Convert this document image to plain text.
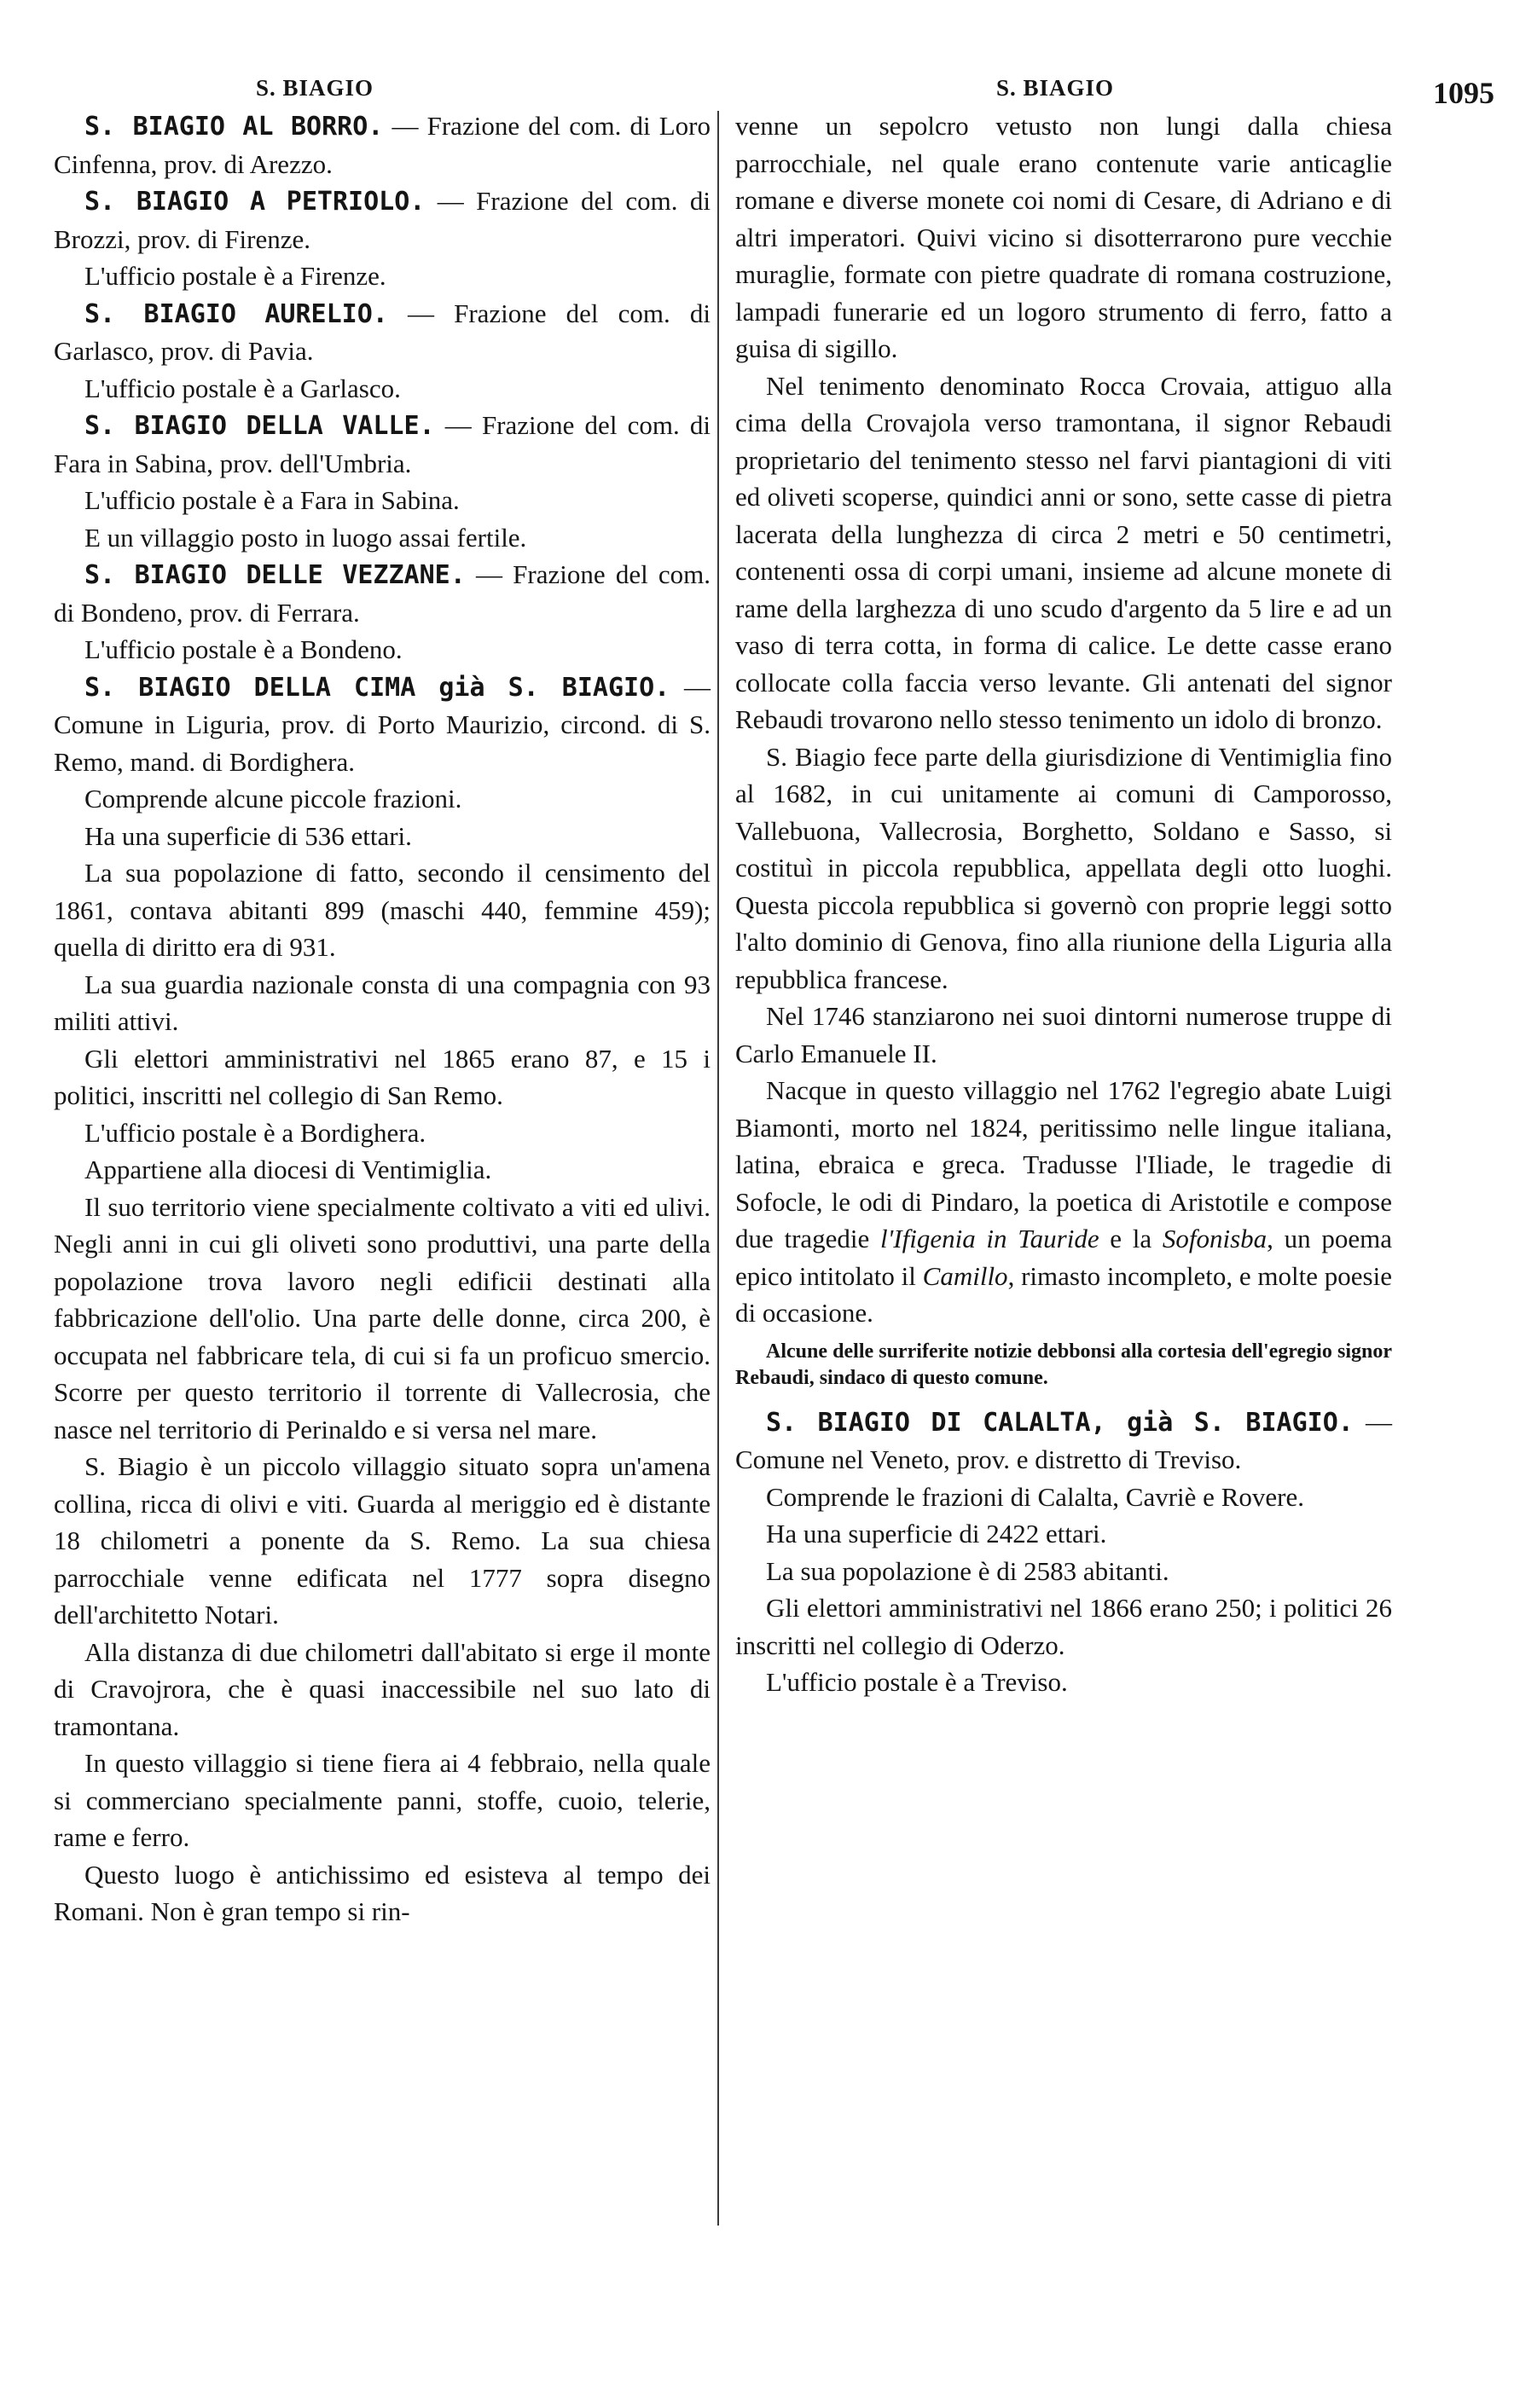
S. BIAGIO	S. BIAGIO	1095

S. BIAGIO AL BORRO. — Frazione del com. di Loro Cinfenna, prov. di Arezzo.

S. BIAGIO A PETRIOLO. — Frazione del com. di Brozzi, prov. di Firenze.

L'ufficio postale è a Firenze.

S. BIAGIO AURELIO. — Frazione del com. di Garlasco, prov. di Pavia.

L'ufficio postale è a Garlasco.

S. BIAGIO DELLA VALLE. — Frazione del com. di Fara in Sabina, prov. dell'Umbria.

L'ufficio postale è a Fara in Sabina.

E un villaggio posto in luogo assai fertile.

S. BIAGIO DELLE VEZZANE. — Frazione del com. di Bondeno, prov. di Ferrara.

L'ufficio postale è a Bondeno.

S. BIAGIO DELLA CIMA già S. BIAGIO. — Comune in Liguria, prov. di Porto Maurizio, circond. di S. Remo, mand. di Bordighera.

Comprende alcune piccole frazioni.

Ha una superficie di 536 ettari.

La sua popolazione di fatto, secondo il censimento del 1861, contava abitanti 899 (maschi 440, femmine 459); quella di diritto era di 931.

La sua guardia nazionale consta di una compagnia con 93 militi attivi.

Gli elettori amministrativi nel 1865 erano 87, e 15 i politici, inscritti nel collegio di San Remo.

L'ufficio postale è a Bordighera.

Appartiene alla diocesi di Ventimiglia.

Il suo territorio viene specialmente coltivato a viti ed ulivi. Negli anni in cui gli oliveti sono produttivi, una parte della popolazione trova lavoro negli edificii destinati alla fabbricazione dell'olio. Una parte delle donne, circa 200, è occupata nel fabbricare tela, di cui si fa un proficuo smercio. Scorre per questo territorio il torrente di Vallecrosia, che nasce nel territorio di Perinaldo e si versa nel mare.

S. Biagio è un piccolo villaggio situato sopra un'amena collina, ricca di olivi e viti. Guarda al meriggio ed è distante 18 chilometri a ponente da S. Remo. La sua chiesa parrocchiale venne edificata nel 1777 sopra disegno dell'architetto Notari.

Alla distanza di due chilometri dall'abitato si erge il monte di Cravojrora, che è quasi inaccessibile nel suo lato di tramontana.

In questo villaggio si tiene fiera ai 4 febbraio, nella quale si commerciano specialmente panni, stoffe, cuoio, telerie, rame e ferro.

Questo luogo è antichissimo ed esisteva al tempo dei Romani. Non è gran tempo si rin-

venne un sepolcro vetusto non lungi dalla chiesa parrocchiale, nel quale erano contenute varie anticaglie romane e diverse monete coi nomi di Cesare, di Adriano e di altri imperatori. Quivi vicino si disotterrarono pure vecchie muraglie, formate con pietre quadrate di romana costruzione, lampadi funerarie ed un logoro strumento di ferro, fatto a guisa di sigillo.

Nel tenimento denominato Rocca Crovaia, attiguo alla cima della Crovajola verso tramontana, il signor Rebaudi proprietario del tenimento stesso nel farvi piantagioni di viti ed oliveti scoperse, quindici anni or sono, sette casse di pietra lacerata della lunghezza di circa 2 metri e 50 centimetri, contenenti ossa di corpi umani, insieme ad alcune monete di rame della larghezza di uno scudo d'argento da 5 lire e ad un vaso di terra cotta, in forma di calice. Le dette casse erano collocate colla faccia verso levante. Gli antenati del signor Rebaudi trovarono nello stesso tenimento un idolo di bronzo.

S. Biagio fece parte della giurisdizione di Ventimiglia fino al 1682, in cui unitamente ai comuni di Camporosso, Vallebuona, Vallecrosia, Borghetto, Soldano e Sasso, si costituì in piccola repubblica, appellata degli otto luoghi. Questa piccola repubblica si governò con proprie leggi sotto l'alto dominio di Genova, fino alla riunione della Liguria alla repubblica francese.

Nel 1746 stanziarono nei suoi dintorni numerose truppe di Carlo Emanuele II.

Nacque in questo villaggio nel 1762 l'egregio abate Luigi Biamonti, morto nel 1824, peritissimo nelle lingue italiana, latina, ebraica e greca. Tradusse l'Iliade, le tragedie di Sofocle, le odi di Pindaro, la poetica di Aristotile e compose due tragedie l'Ifigenia in Tauride e la Sofonisba, un poema epico intitolato il Camillo, rimasto incompleto, e molte poesie di occasione.

Alcune delle surriferite notizie debbonsi alla cortesia dell'egregio signor Rebaudi, sindaco di questo comune.

S. BIAGIO DI CALALTA, già S. BIAGIO. — Comune nel Veneto, prov. e distretto di Treviso.

Comprende le frazioni di Calalta, Cavriè e Rovere.

Ha una superficie di 2422 ettari.

La sua popolazione è di 2583 abitanti.

Gli elettori amministrativi nel 1866 erano 250; i politici 26 inscritti nel collegio di Oderzo.

L'ufficio postale è a Treviso.
